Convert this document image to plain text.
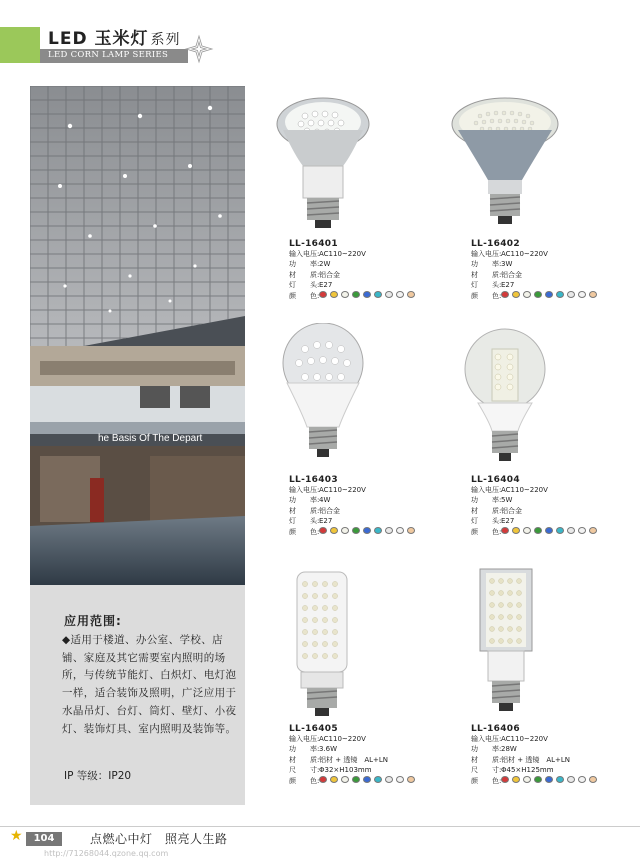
LED 玉米灯 系列
LED CORN LAMP SERIES
he Basis Of The Depart
应用范围:
◆适用于楼道、办公室、学校、店铺、家庭及其它需要室内照明的场所，与传统节能灯、白炽灯、电灯泡一样，适合装饰及照明，广泛应用于水晶吊灯、台灯、筒灯、壁灯、小夜灯、装饰灯具、室内照明及装饰等。
IP 等级：IP20
LL-16401
输入电压:AC110~220V
功　　率:2W
材　　质:铝合金
灯　　头:E27
颜　　色:
LL-16402
输入电压:AC110~220V
功　　率:3W
材　　质:铝合金
灯　　头:E27
颜　　色:
LL-16403
输入电压:AC110~220V
功　　率:4W
材　　质:铝合金
灯　　头:E27
颜　　色:
LL-16404
输入电压:AC110~220V
功　　率:5W
材　　质:铝合金
灯　　头:E27
颜　　色:
LL-16405
输入电压:AC110~220V
功　　率:3.6W
材　　质:铝材 + 透镜　AL+LN
尺　　寸:Φ32×H103mm
颜　　色:
LL-16406
输入电压:AC110~220V
功　　率:28W
材　　质:铝材 + 透镜　AL+LN
尺　　寸:Φ45×H125mm
颜　　色:
★	104	点燃心中灯　照亮人生路
http://71268044.qzone.qq.com
